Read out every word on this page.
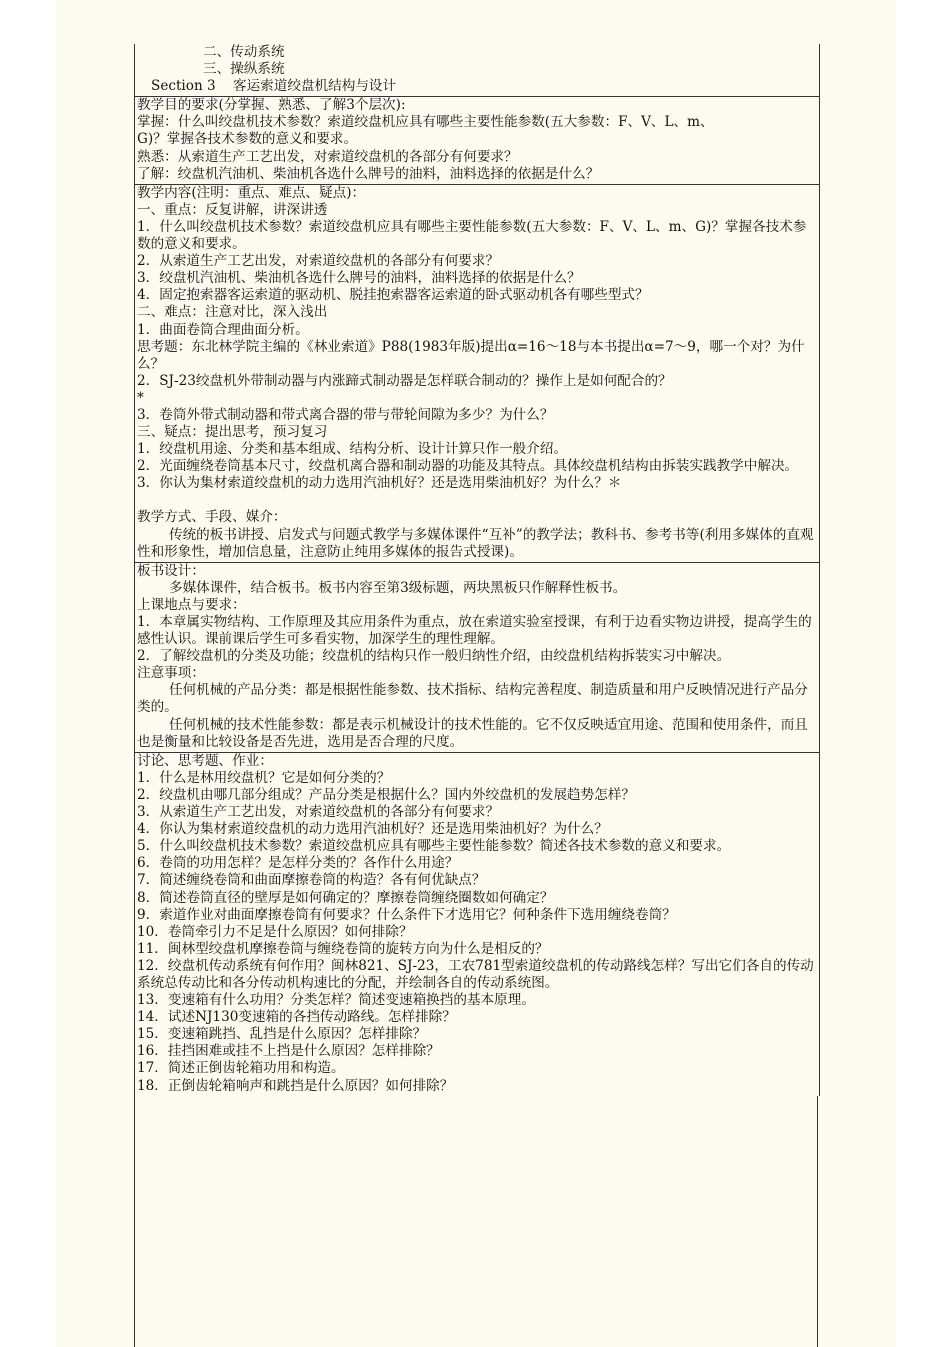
二、传动系统

三、操纵系统

Section 3    客运索道绞盘机结构与设计

教学目的要求(分掌握、熟悉、了解3个层次):

掌握：什么叫绞盘机技术参数？索道绞盘机应具有哪些主要性能参数(五大参数：F、V、L、m、

G)？掌握各技术参数的意义和要求。

熟悉：从索道生产工艺出发，对索道绞盘机的各部分有何要求？

了解：绞盘机汽油机、柴油机各选什么牌号的油料，油料选择的依据是什么？

教学内容(注明：重点、难点、疑点)：

一、重点：反复讲解，讲深讲透

1．什么叫绞盘机技术参数？索道绞盘机应具有哪些主要性能参数(五大参数：F、V、L、m、G)？掌握各技术参数的意义和要求。

2．从索道生产工艺出发，对索道绞盘机的各部分有何要求？

3．绞盘机汽油机、柴油机各选什么牌号的油料，油料选择的依据是什么？

4．固定抱索器客运索道的驱动机、脱挂抱索器客运索道的卧式驱动机各有哪些型式？

二、难点：注意对比，深入浅出

1．曲面卷筒合理曲面分析。

思考题：东北林学院主编的《林业索道》P88(1983年版)提出α=16～18与本书提出α=7～9，哪一个对？为什么？

2．SJ-23绞盘机外带制动器与内涨蹄式制动器是怎样联合制动的？操作上是如何配合的？

*

3．卷筒外带式制动器和带式离合器的带与带轮间隙为多少？为什么？

三、疑点：提出思考，预习复习

1．绞盘机用途、分类和基本组成、结构分析、设计计算只作一般介绍。

2．光面缠绕卷筒基本尺寸，绞盘机离合器和制动器的功能及其特点。具体绞盘机结构由拆装实践教学中解决。

3．你认为集材索道绞盘机的动力选用汽油机好？还是选用柴油机好？为什么？＊

教学方式、手段、媒介：

传统的板书讲授、启发式与问题式教学与多媒体课件“互补”的教学法；教科书、参考书等(利用多媒体的直观性和形象性，增加信息量，注意防止纯用多媒体的报告式授课)。

板书设计：

多媒体课件，结合板书。板书内容至第3级标题，两块黑板只作解释性板书。

上课地点与要求：

1．本章属实物结构、工作原理及其应用条件为重点，放在索道实验室授课，有利于边看实物边讲授，提高学生的感性认识。课前课后学生可多看实物，加深学生的理性理解。

2．了解绞盘机的分类及功能；绞盘机的结构只作一般归纳性介绍，由绞盘机结构拆装实习中解决。

注意事项：

任何机械的产品分类：都是根据性能参数、技术指标、结构完善程度、制造质量和用户反映情况进行产品分类的。

任何机械的技术性能参数：都是表示机械设计的技术性能的。它不仅反映适宜用途、范围和使用条件，而且也是衡量和比较设备是否先进，选用是否合理的尺度。

讨论、思考题、作业：

1．什么是林用绞盘机？它是如何分类的？

2．绞盘机由哪几部分组成？产品分类是根据什么？国内外绞盘机的发展趋势怎样？

3．从索道生产工艺出发，对索道绞盘机的各部分有何要求？

4．你认为集材索道绞盘机的动力选用汽油机好？还是选用柴油机好？为什么？

5．什么叫绞盘机技术参数？索道绞盘机应具有哪些主要性能参数？简述各技术参数的意义和要求。

6．卷筒的功用怎样？是怎样分类的？各作什么用途？

7．简述缠绕卷筒和曲面摩擦卷筒的构造？各有何优缺点？

8．简述卷筒直径的壁厚是如何确定的？摩擦卷筒缠绕圈数如何确定？

9．索道作业对曲面摩擦卷筒有何要求？什么条件下才选用它？何种条件下选用缠绕卷筒？

10．卷筒牵引力不足是什么原因？如何排除？

11．闽林型绞盘机摩擦卷筒与缠绕卷筒的旋转方向为什么是相反的？

12．绞盘机传动系统有何作用？闽林821、SJ-23，工农781型索道绞盘机的传动路线怎样？写出它们各自的传动系统总传动比和各分传动机构速比的分配，并绘制各自的传动系统图。

13．变速箱有什么功用？分类怎样？简述变速箱换挡的基本原理。

14．试述NJ130变速箱的各挡传动路线。怎样排除？

15．变速箱跳挡、乱挡是什么原因？怎样排除？

16．挂挡困难或挂不上挡是什么原因？怎样排除？

17．简述正倒齿轮箱功用和构造。

18．正倒齿轮箱响声和跳挡是什么原因？如何排除？
